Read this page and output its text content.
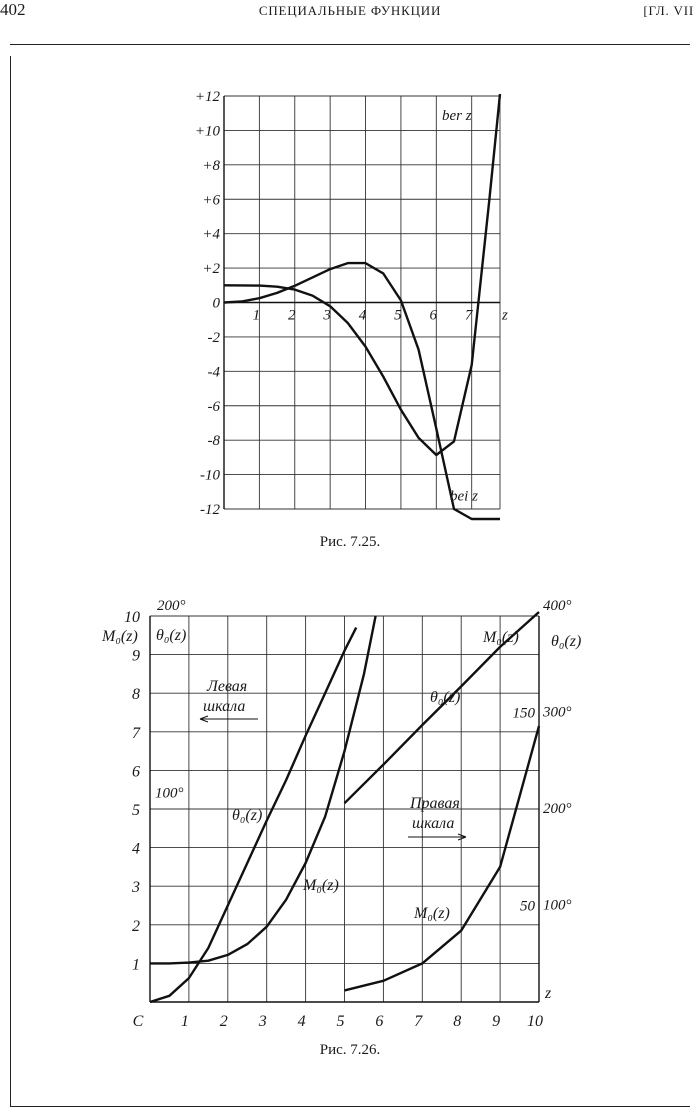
402	СПЕЦИАЛЬНЫЕ ФУНКЦИИ	[ГЛ. VII
+12
+10
+8
+6
+4
+2
0
-2
-4
-6
-8
-10
-12
1 2 3 4 5 6 7 z
ber z
bei z
Рис. 7.25.
1
2
3
4
5
6
7
8
9
10
100°
200°
M₀(z) θ₀(z)
C 1 2 3 4 5 6 7 8 9 10
z
100°
200°
300°
400°
50
150
M₀(z) θ₀(z)
θ₀(z)
M₀(z)
θ₀(z)
M₀(z)
Левая
шкала
Правая
шкала
Рис. 7.26.
